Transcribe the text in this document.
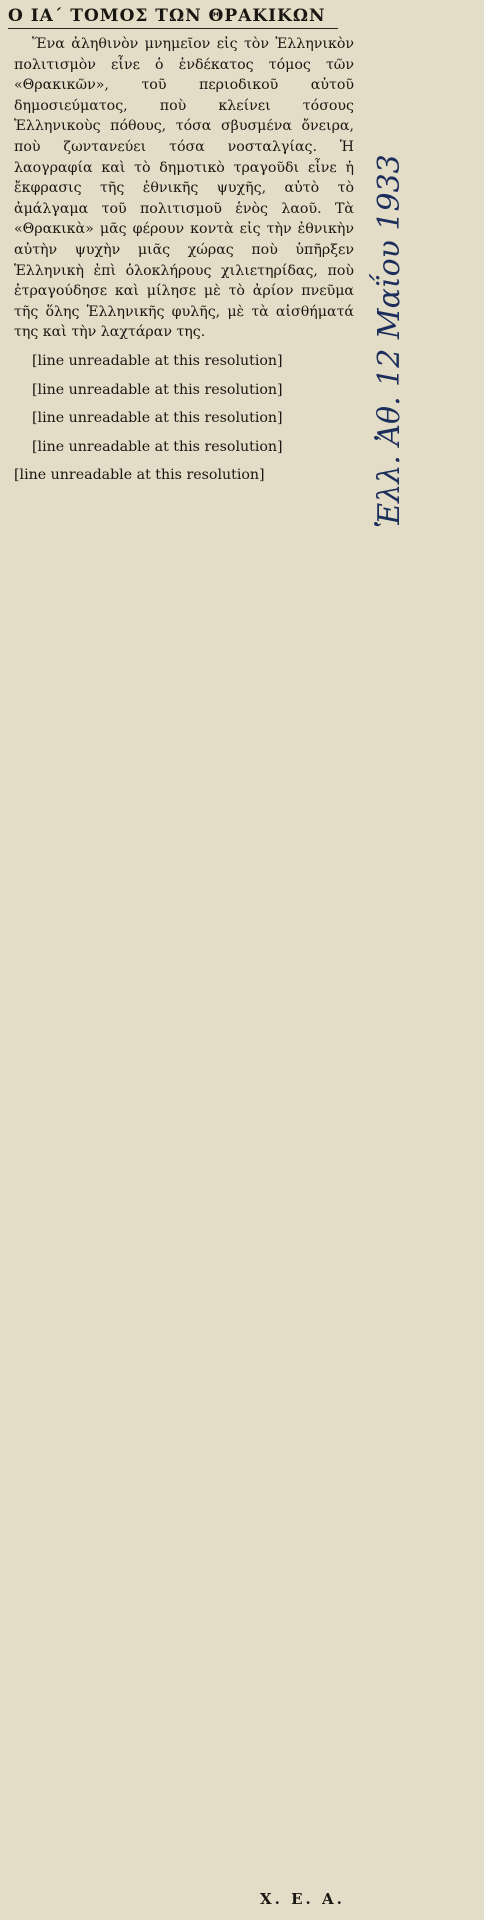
Ο ΙΑ΄ ΤΟΜΟΣ ΤΩΝ ΘΡΑΚΙΚΩΝ

Ἕνα ἀληθινὸν μνημεῖον εἰς τὸν Ἑλληνικὸν πολιτισμὸν εἶνε ὁ ἑνδέκατος τόμος τῶν «Θρακικῶν», τοῦ περιοδικοῦ αὐτοῦ δημοσιεύματος, ποὺ κλείνει τόσους Ἑλληνικοὺς πόθους, τόσα σβυσμένα ὄνειρα, ποὺ ζωντανεύει τόσα νοσταλγίας. Ἡ λαογραφία καὶ τὸ δημοτικὸ τραγοῦδι εἶνε ἡ ἔκφρασις τῆς ἐθνικῆς ψυχῆς, αὐτὸ τὸ ἀμάλγαμα τοῦ πολιτισμοῦ ἑνὸς λαοῦ. Τὰ «Θρακικὰ» μᾶς φέρουν κοντὰ εἰς τὴν ἐθνικὴν αὐτὴν ψυχὴν μιᾶς χώρας ποὺ ὑπῆρξεν Ἑλληνικὴ ἐπὶ ὁλοκλήρους χιλιετηρίδας, ποὺ ἐτραγούδησε καὶ μίλησε μὲ τὸ ἀρίον πνεῦμα τῆς ὅλης Ἑλληνικῆς φυλῆς, μὲ τὰ αἰσθήματά της καὶ τὴν λαχτάραν της.

[line unreadable at this resolution]

[line unreadable at this resolution]

[line unreadable at this resolution]

[line unreadable at this resolution]

[line unreadable at this resolution]	Ἑλλ. Ἀθ. 12 Μαΐου 1933
Χ. Ε. Α.
